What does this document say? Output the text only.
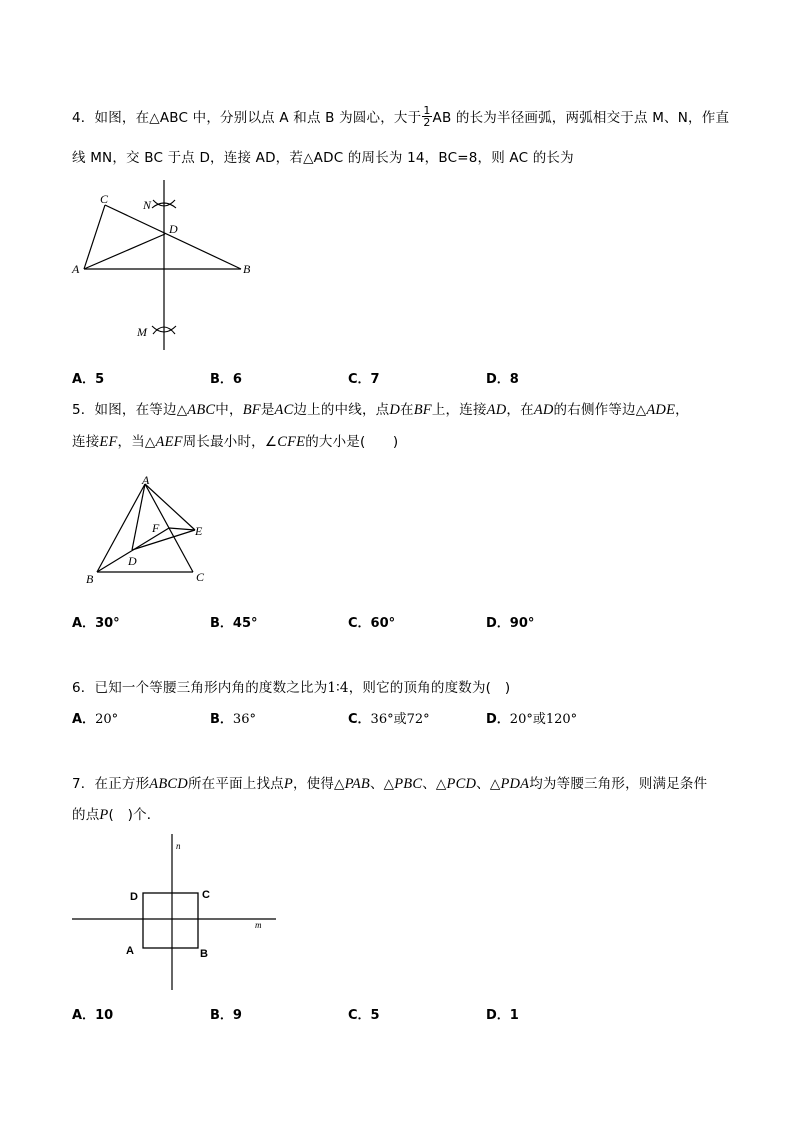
4．如图，在△ABC 中，分别以点 A 和点 B 为圆心，大于 $\frac{1}{2}$ AB 的长为半径画弧，两弧相交于点 M、N，作直
线 MN，交 BC 于点 D，连接 AD，若△ADC 的周长为 14，BC=8，则 AC 的长为
C	N
D
A	B
M
A．5	B．6	C．7	D．8
5．如图，在等边△ABC中，BF是AC边上的中线，点D在BF上，连接AD，在AD的右侧作等边△ADE，
连接EF，当△AEF周长最小时，∠CFE的大小是(　　)
A
F	E
D
B	C
A．30°	B．45°	C．60°	D．90°
6．已知一个等腰三角形内角的度数之比为1∶4，则它的顶角的度数为(　)
A．20°	B．36°	C．36°或72°	D．20°或120°
7．在正方形ABCD所在平面上找点P，使得△PAB、△PBC、△PCD、△PDA均为等腰三角形，则满足条件
的点P(　)个．
n
m
D	C
A	B
A．10	B．9	C．5	D．1
